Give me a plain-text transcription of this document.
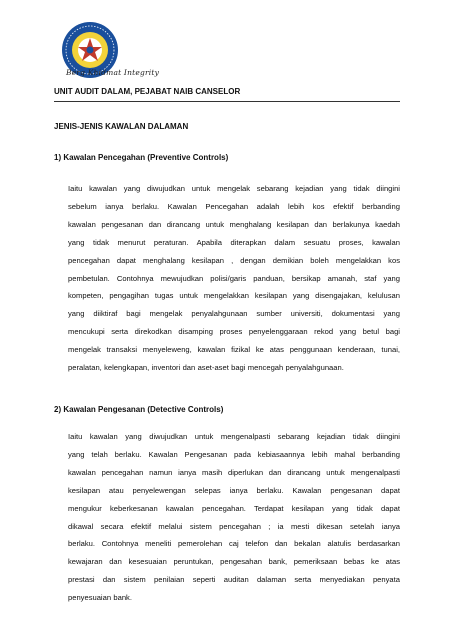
Berg Khidmat Integrity
UNIT AUDIT DALAM, PEJABAT NAIB CANSELOR
JENIS-JENIS KAWALAN DALAMAN
1) Kawalan Pencegahan (Preventive Controls)
Iaitu kawalan yang diwujudkan untuk mengelak sebarang kejadian yang tidak diingini
sebelum ianya berlaku. Kawalan Pencegahan adalah lebih kos efektif berbanding
kawalan pengesanan dan dirancang untuk menghalang kesilapan dan berlakunya kaedah
yang tidak menurut peraturan. Apabila diterapkan dalam sesuatu proses, kawalan
pencegahan dapat menghalang kesilapan , dengan demikian boleh mengelakkan kos
pembetulan. Contohnya mewujudkan polisi/garis panduan, bersikap amanah, staf yang
kompeten, pengagihan tugas untuk mengelakkan kesilapan yang disengajakan, kelulusan
yang diiktiraf bagi mengelak penyalahgunaan sumber universiti, dokumentasi yang
mencukupi serta direkodkan disamping proses penyelenggaraan rekod yang betul bagi
mengelak transaksi menyeleweng, kawalan fizikal ke atas penggunaan kenderaan, tunai,
peralatan, kelengkapan, inventori dan aset-aset bagi mencegah penyalahgunaan.
2) Kawalan Pengesanan (Detective Controls)
Iaitu kawalan yang diwujudkan untuk mengenalpasti sebarang kejadian tidak diingini
yang telah berlaku. Kawalan Pengesanan pada kebiasaannya lebih mahal berbanding
kawalan pencegahan namun ianya masih diperlukan dan dirancang untuk mengenalpasti
kesilapan atau penyelewengan selepas ianya berlaku. Kawalan pengesanan dapat
mengukur keberkesanan kawalan pencegahan. Terdapat kesilapan yang tidak dapat
dikawal secara efektif melalui sistem pencegahan ; ia mesti dikesan setelah ianya
berlaku. Contohnya meneliti pemerolehan caj telefon dan bekalan alatulis berdasarkan
kewajaran dan kesesuaian peruntukan, pengesahan bank, pemeriksaan bebas ke atas
prestasi dan sistem penilaian seperti auditan dalaman serta menyediakan penyata
penyesuaian bank.
